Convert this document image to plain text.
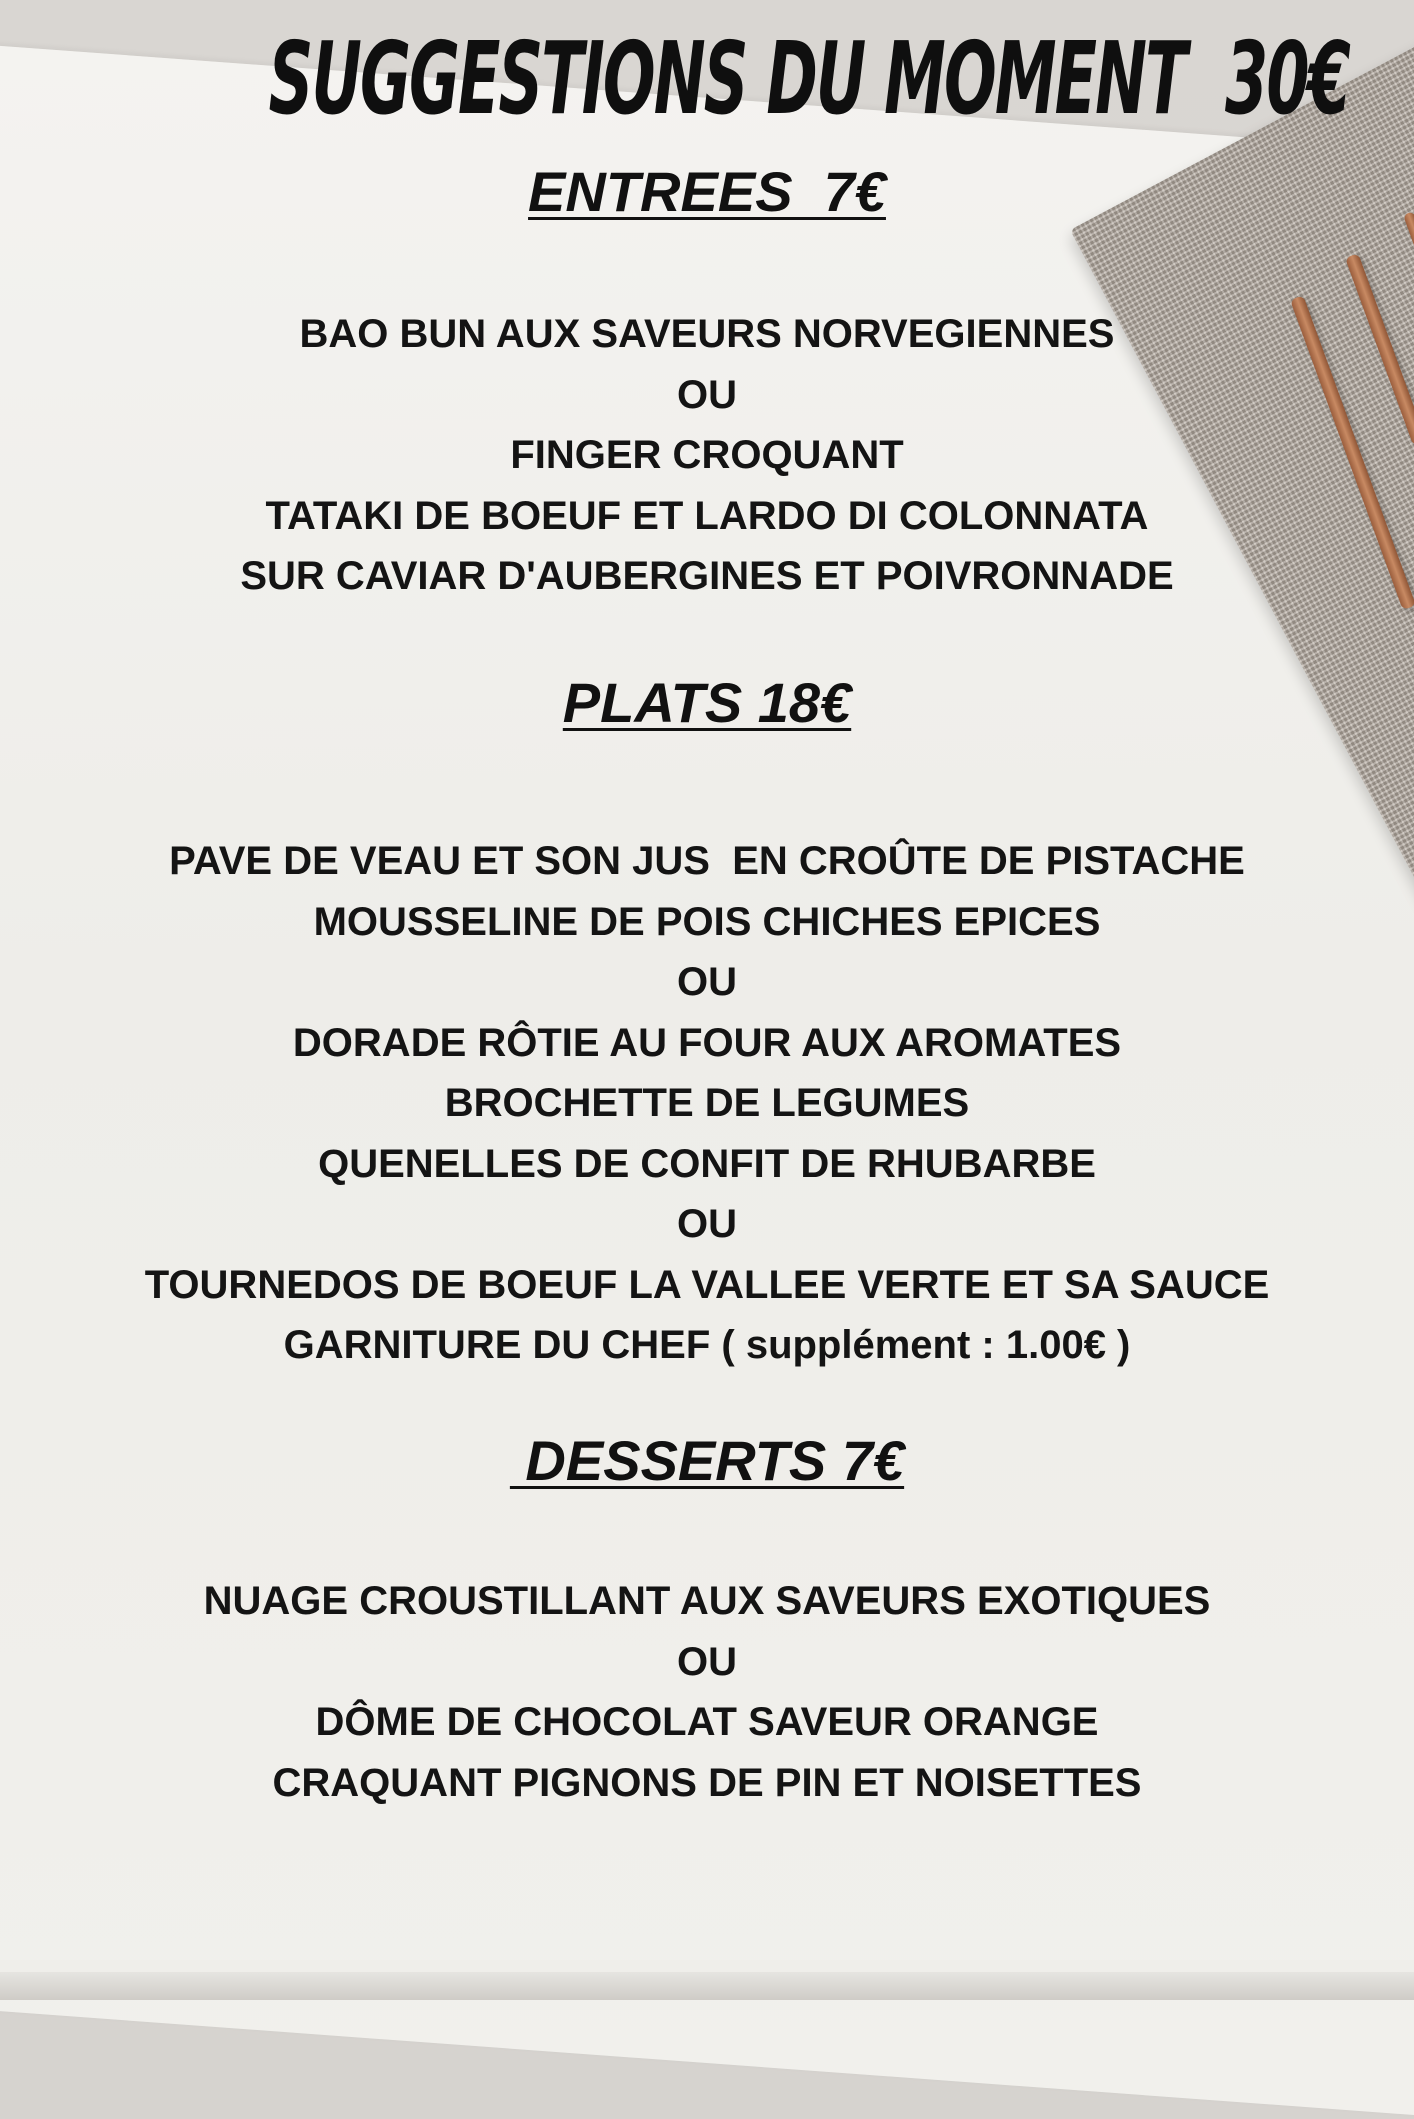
SUGGESTIONS DU MOMENT  30€
ENTREES  7€
BAO BUN AUX SAVEURS NORVEGIENNES
OU
FINGER CROQUANT
TATAKI DE BOEUF ET LARDO DI COLONNATA
SUR CAVIAR D'AUBERGINES ET POIVRONNADE
PLATS 18€
PAVE DE VEAU ET SON JUS  EN CROÛTE DE PISTACHE
MOUSSELINE DE POIS CHICHES EPICES
OU
DORADE RÔTIE AU FOUR AUX AROMATES
BROCHETTE DE LEGUMES
QUENELLES DE CONFIT DE RHUBARBE
OU
TOURNEDOS DE BOEUF LA VALLEE VERTE ET SA SAUCE
GARNITURE DU CHEF ( supplément : 1.00€ )
DESSERTS 7€
NUAGE CROUSTILLANT AUX SAVEURS EXOTIQUES
OU
DÔME DE CHOCOLAT SAVEUR ORANGE
CRAQUANT PIGNONS DE PIN ET NOISETTES
